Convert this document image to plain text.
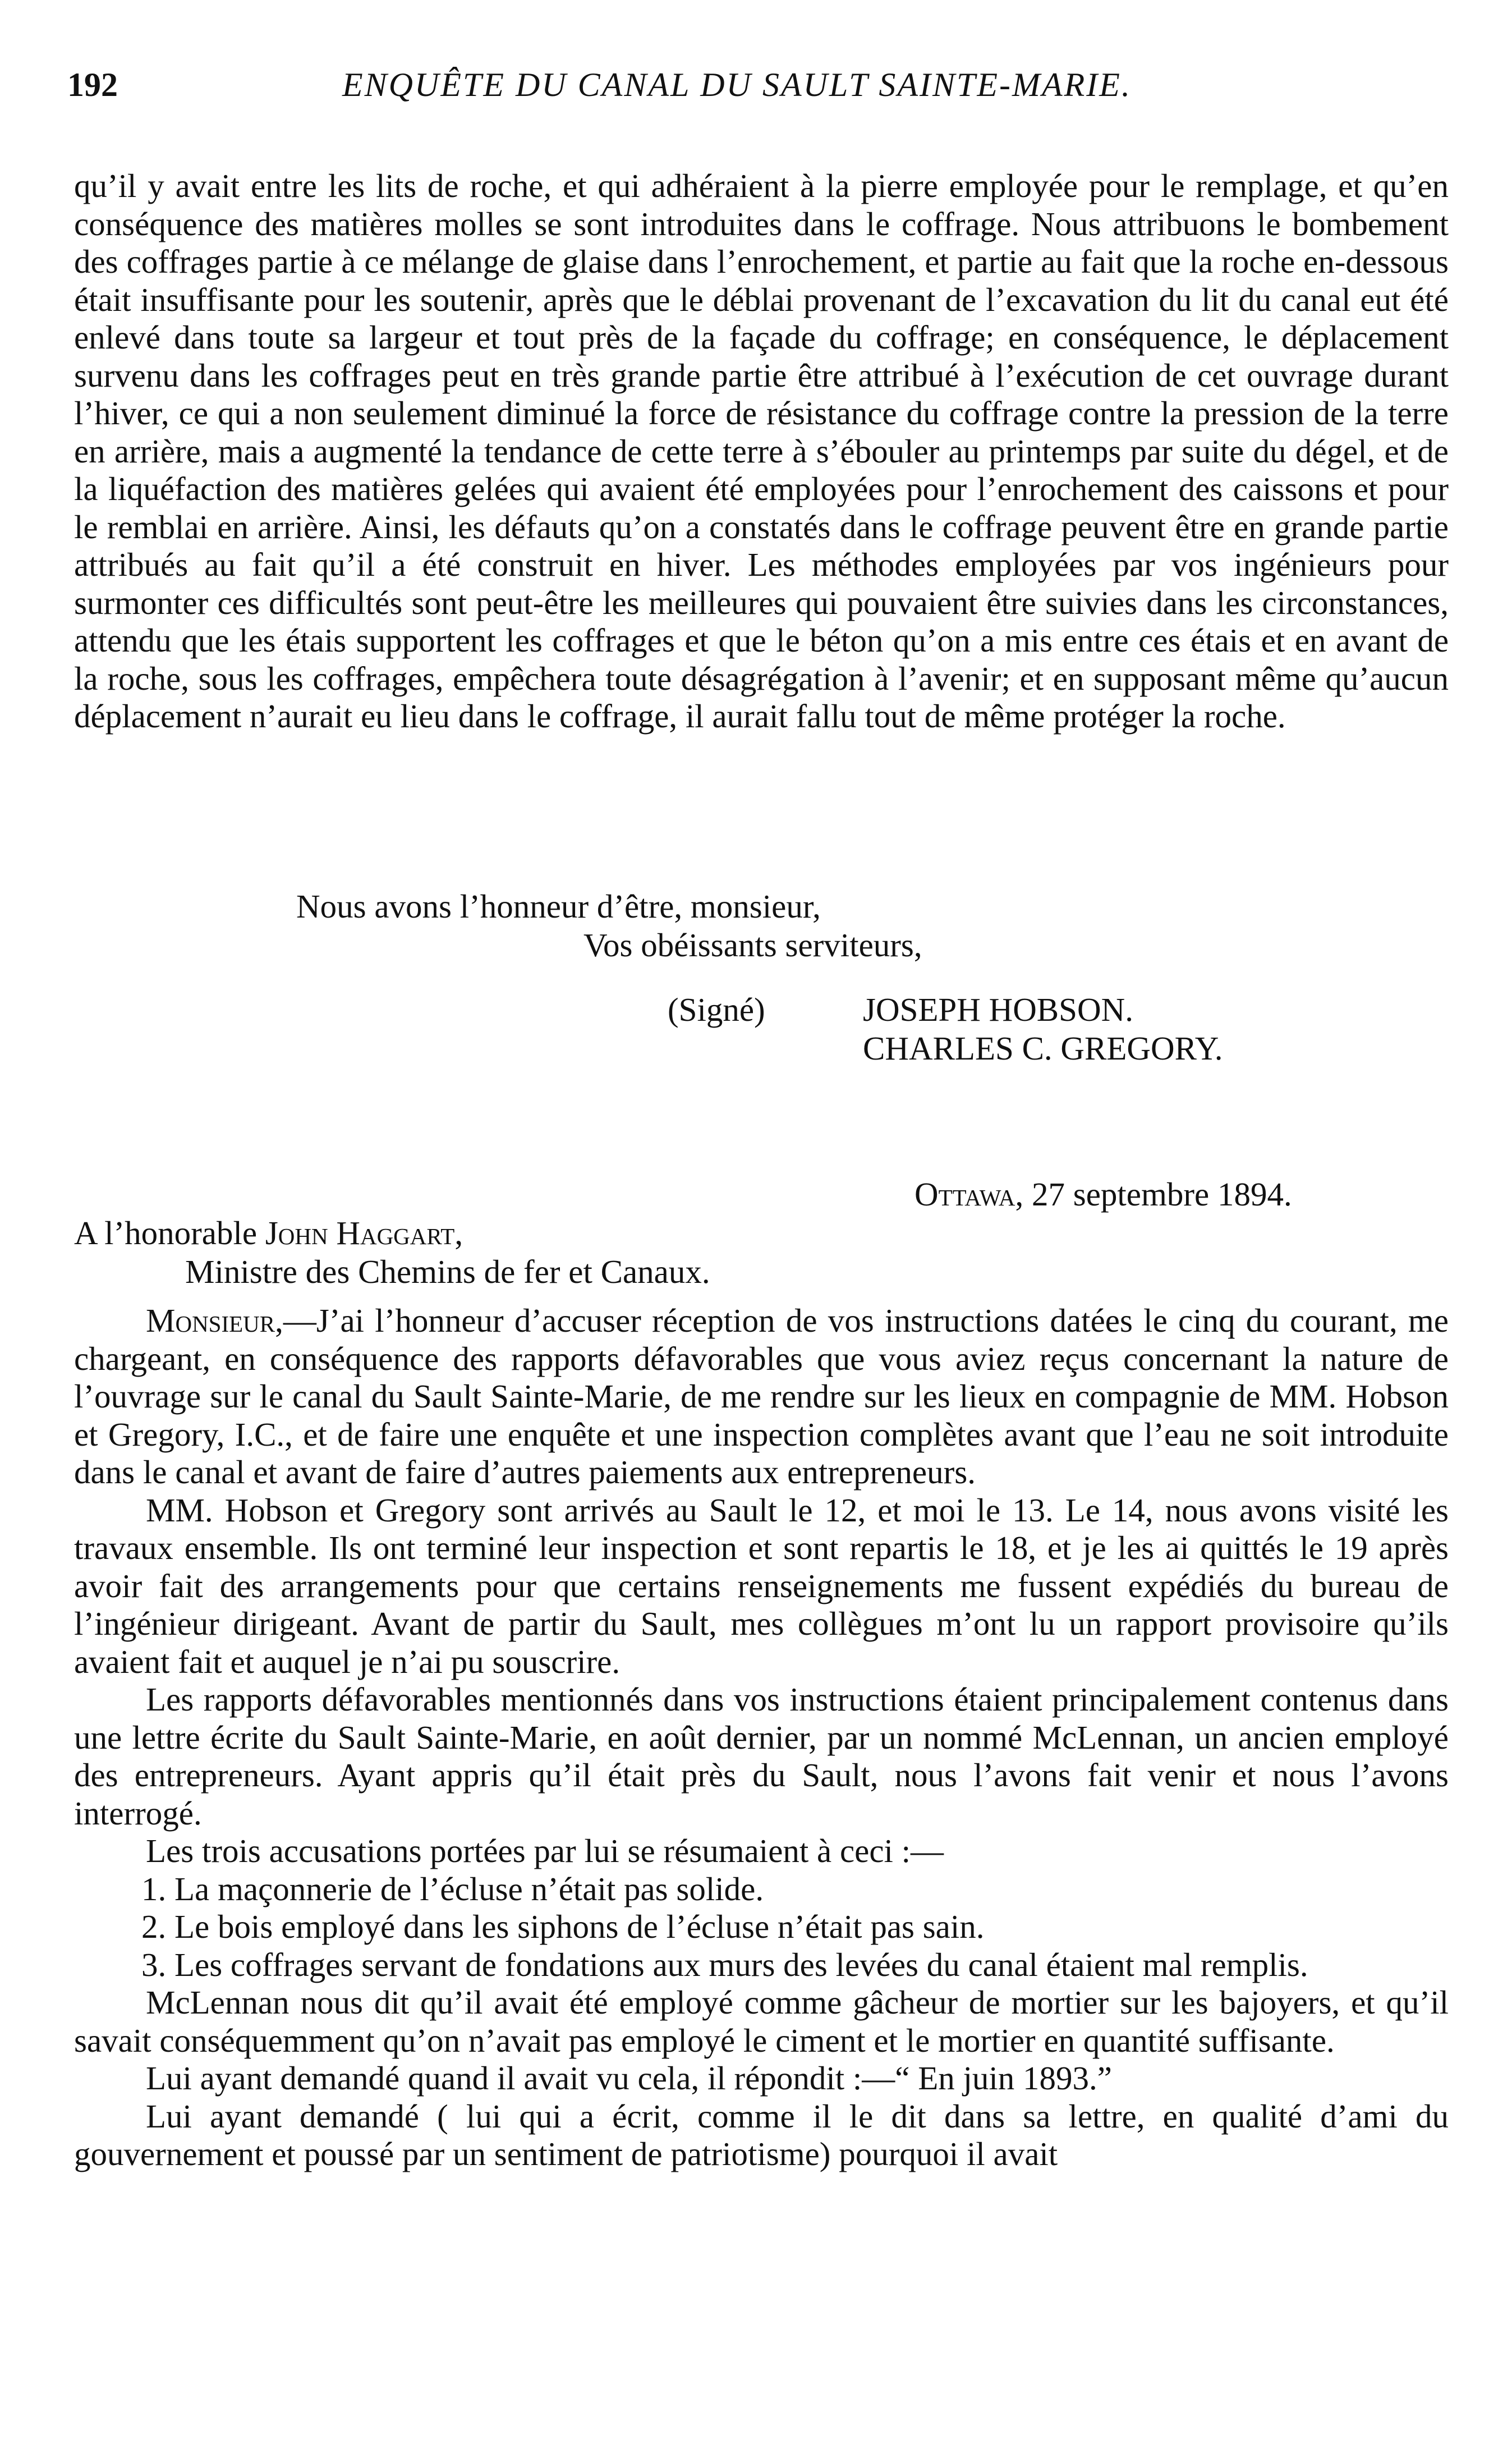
192	ENQUÊTE DU CANAL DU SAULT SAINTE-MARIE.

qu’il y avait entre les lits de roche, et qui adhéraient à la pierre employée pour le remplage, et qu’en conséquence des matières molles se sont introduites dans le coffrage. Nous attribuons le bombement des coffrages partie à ce mélange de glaise dans l’enrochement, et partie au fait que la roche en-dessous était insuffisante pour les soutenir, après que le déblai provenant de l’excavation du lit du canal eut été enlevé dans toute sa largeur et tout près de la façade du coffrage; en conséquence, le déplacement survenu dans les coffrages peut en très grande partie être attribué à l’exécution de cet ouvrage durant l’hiver, ce qui a non seulement diminué la force de résistance du coffrage contre la pression de la terre en arrière, mais a augmenté la tendance de cette terre à s’ébouler au printemps par suite du dégel, et de la liquéfaction des matières gelées qui avaient été employées pour l’enrochement des caissons et pour le remblai en arrière. Ainsi, les défauts qu’on a constatés dans le coffrage peuvent être en grande partie attribués au fait qu’il a été construit en hiver. Les méthodes employées par vos ingénieurs pour surmonter ces difficultés sont peut-être les meilleures qui pouvaient être suivies dans les circonstances, attendu que les étais supportent les coffrages et que le béton qu’on a mis entre ces étais et en avant de la roche, sous les coffrages, empêchera toute désagrégation à l’avenir; et en supposant même qu’aucun déplacement n’aurait eu lieu dans le coffrage, il aurait fallu tout de même protéger la roche.

Nous avons l’honneur d’être, monsieur,
Vos obéissants serviteurs,
(Signé)	JOSEPH HOBSON.
CHARLES C. GREGORY.
Ottawa, 27 septembre 1894.
A l’honorable John Haggart,
Ministre des Chemins de fer et Canaux.

Monsieur,—J’ai l’honneur d’accuser réception de vos instructions datées le cinq du courant, me chargeant, en conséquence des rapports défavorables que vous aviez reçus concernant la nature de l’ouvrage sur le canal du Sault Sainte-Marie, de me rendre sur les lieux en compagnie de MM. Hobson et Gregory, I.C., et de faire une enquête et une inspection complètes avant que l’eau ne soit introduite dans le canal et avant de faire d’autres paiements aux entrepreneurs.

MM. Hobson et Gregory sont arrivés au Sault le 12, et moi le 13. Le 14, nous avons visité les travaux ensemble. Ils ont terminé leur inspection et sont repartis le 18, et je les ai quittés le 19 après avoir fait des arrangements pour que certains renseignements me fussent expédiés du bureau de l’ingénieur dirigeant. Avant de partir du Sault, mes collègues m’ont lu un rapport provisoire qu’ils avaient fait et auquel je n’ai pu souscrire.

Les rapports défavorables mentionnés dans vos instructions étaient principalement contenus dans une lettre écrite du Sault Sainte-Marie, en août dernier, par un nommé McLennan, un ancien employé des entrepreneurs. Ayant appris qu’il était près du Sault, nous l’avons fait venir et nous l’avons interrogé.

Les trois accusations portées par lui se résumaient à ceci :—

1. La maçonnerie de l’écluse n’était pas solide.

2. Le bois employé dans les siphons de l’écluse n’était pas sain.

3. Les coffrages servant de fondations aux murs des levées du canal étaient mal remplis.

McLennan nous dit qu’il avait été employé comme gâcheur de mortier sur les bajoyers, et qu’il savait conséquemment qu’on n’avait pas employé le ciment et le mortier en quantité suffisante.

Lui ayant demandé quand il avait vu cela, il répondit :—“ En juin 1893.”

Lui ayant demandé ( lui qui a écrit, comme il le dit dans sa lettre, en qualité d’ami du gouvernement et poussé par un sentiment de patriotisme) pourquoi il avait
